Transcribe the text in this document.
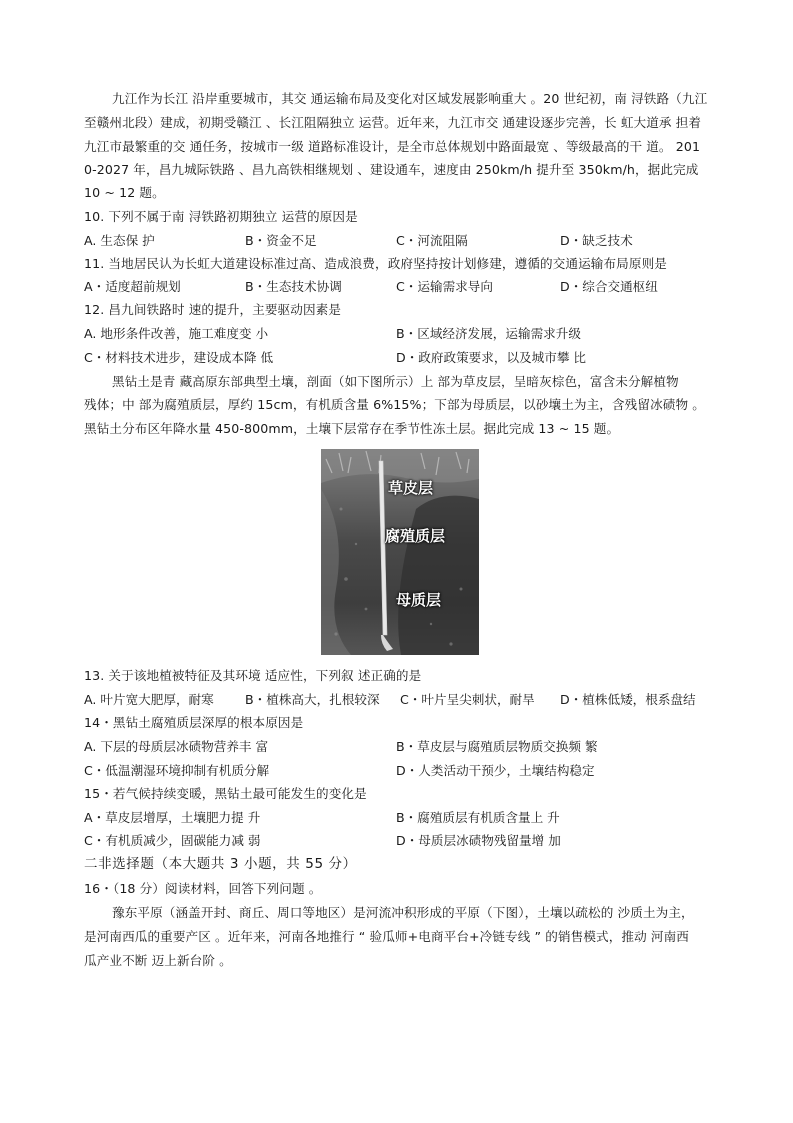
九江作为长江 沿岸重要城市，其交 通运输布局及变化对区域发展影响重大 。20 世纪初，南 浔铁路（九江
至赣州北段）建成，初期受赣江 、长江阻隔独立 运营。近年来，九江市交 通建设逐步完善，长 虹大道承 担着
九江市最繁重的交 通任务，按城市一级 道路标准设计，是全市总体规划中路面最宽 、等级最高的干 道。 201
0-2027 年，昌九城际铁路 、昌九高铁相继规划 、建设通车，速度由 250km/h 提升至 350km/h，据此完成
10 ~ 12 题。
10. 下列不属于南 浔铁路初期独立 运营的原因是
A. 生态保 护	B・资金不足	C・河流阻隔	D・缺乏技术
11. 当地居民认为长虹大道建设标准过高、造成浪费，政府坚持按计划修建，遵循的交通运输布局原则是
A・适度超前规划	B・生态技术协调	C・运输需求导向	D・综合交通枢纽
12. 昌九间铁路时 速的提升，主要驱动因素是
A. 地形条件改善，施工难度变 小	B・区域经济发展，运输需求升级
C・材料技术进步，建设成本降 低	D・政府政策要求，以及城市攀 比
黑钻土是青 藏高原东部典型土壤，剖面（如下图所示）上 部为草皮层，呈暗灰棕色，富含未分解植物
残体；中 部为腐殖质层，厚约 15cm，有机质含量 6%15%；下部为母质层，以砂壤土为主，含残留冰碛物 。
黑钻土分布区年降水量 450-800mm，土壤下层常存在季节性冻土层。据此完成 13 ~ 15 题。
草皮层
腐殖质层
母质层
13. 关于该地植被特征及其环境 适应性，下列叙 述正确的是
A. 叶片宽大肥厚，耐寒 B・植株高大，扎根较深 C・叶片呈尖刺状，耐旱 D・植株低矮，根系盘结
14・黑钻土腐殖质层深厚的根本原因是
A. 下层的母质层冰碛物营养丰 富	B・草皮层与腐殖质层物质交换频 繁
C・低温潮湿环境抑制有机质分解	D・人类活动干预少，土壤结构稳定
15・若气候持续变暖，黑钻土最可能发生的变化是
A・草皮层增厚，土壤肥力提 升	B・腐殖质层有机质含量上 升
C・有机质减少，固碳能力减 弱	D・母质层冰碛物残留量增 加
二非选择题（本大题共 3 小题，共 55 分）
16・（18 分）阅读材料，回答下列问题 。
豫东平原（涵盖开封、商丘、周口等地区）是河流冲积形成的平原（下图），土壤以疏松的 沙质土为主，
是河南西瓜的重要产区 。近年来，河南各地推行 “ 验瓜师+电商平台+冷链专线 ” 的销售模式，推动 河南西
瓜产业不断 迈上新台阶 。
